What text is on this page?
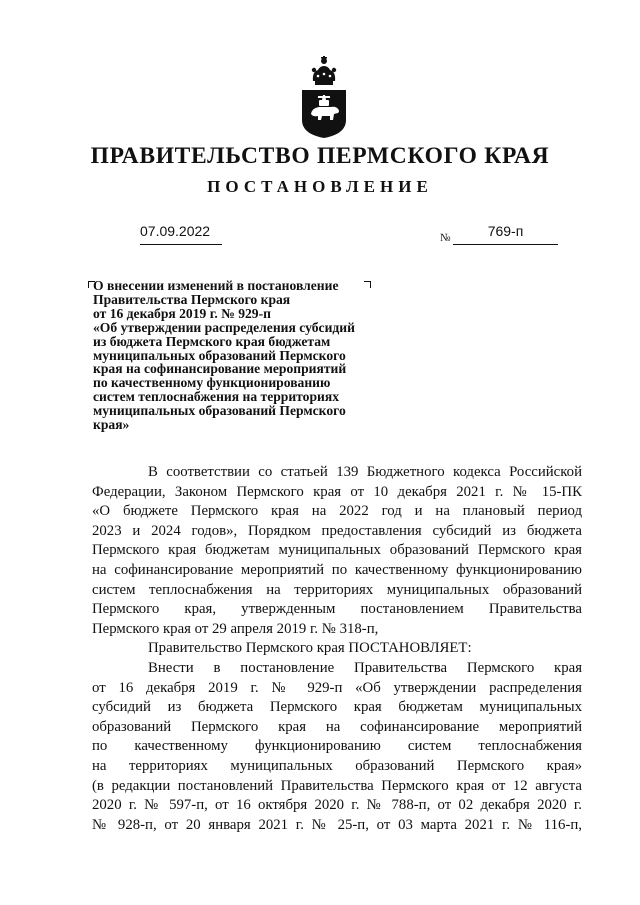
ПРАВИТЕЛЬСТВО ПЕРМСКОГО КРАЯ
ПОСТАНОВЛЕНИЕ
07.09.2022	№	769-п
О внесении изменений в постановление
Правительства Пермского края
от 16 декабря 2019 г. № 929-п
«Об утверждении распределения субсидий
из бюджета Пермского края бюджетам
муниципальных образований Пермского
края на софинансирование мероприятий
по качественному функционированию
систем теплоснабжения на территориях
муниципальных образований Пермского
края»
В соответствии со статьей 139 Бюджетного кодекса Российской
Федерации, Законом Пермского края от 10 декабря 2021 г. № 15-ПК
«О бюджете Пермского края на 2022 год и на плановый период
2023 и 2024 годов», Порядком предоставления субсидий из бюджета
Пермского края бюджетам муниципальных образований Пермского края
на софинансирование мероприятий по качественному функционированию
систем теплоснабжения на территориях муниципальных образований
Пермского края, утвержденным постановлением Правительства
Пермского края от 29 апреля 2019 г. № 318-п,
Правительство Пермского края ПОСТАНОВЛЯЕТ:
Внести в постановление Правительства Пермского края
от 16 декабря 2019 г. № 929-п «Об утверждении распределения
субсидий из бюджета Пермского края бюджетам муниципальных
образований Пермского края на софинансирование мероприятий
по качественному функционированию систем теплоснабжения
на территориях муниципальных образований Пермского края»
(в редакции постановлений Правительства Пермского края от 12 августа
2020 г. № 597-п, от 16 октября 2020 г. № 788-п, от 02 декабря 2020 г.
№ 928-п, от 20 января 2021 г. № 25-п, от 03 марта 2021 г. № 116-п,
